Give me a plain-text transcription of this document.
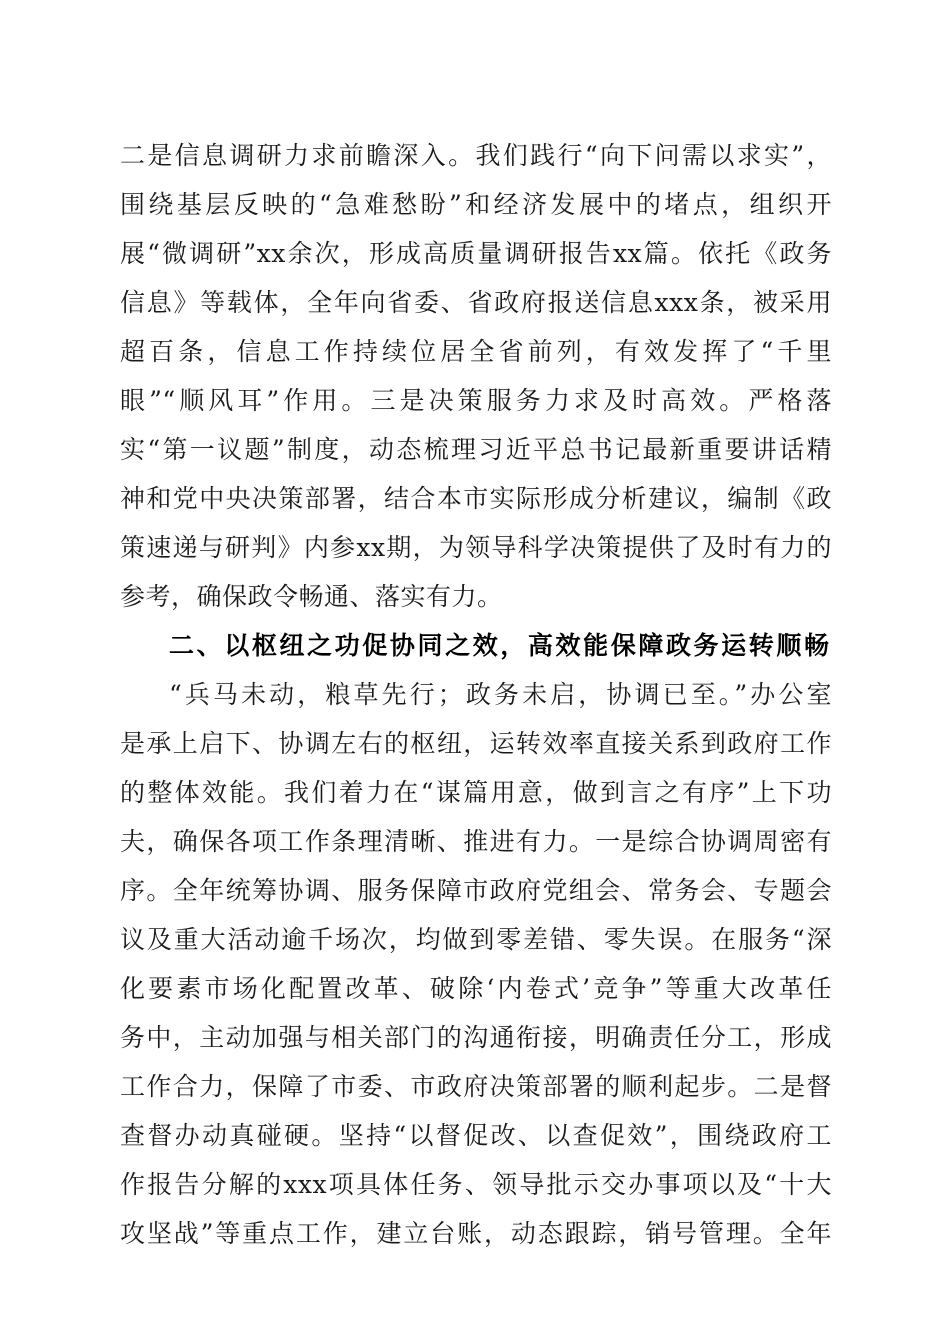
二是信息调研力求前瞻深入。我们践行“向下问需以求实”，
围绕基层反映的“急难愁盼”和经济发展中的堵点，组织开
展“微调研”xx余次，形成高质量调研报告xx篇。依托《政务
信息》等载体，全年向省委、省政府报送信息xxx条，被采用
超百条，信息工作持续位居全省前列，有效发挥了“千里
眼”“顺风耳”作用。三是决策服务力求及时高效。严格落
实“第一议题”制度，动态梳理习近平总书记最新重要讲话精
神和党中央决策部署，结合本市实际形成分析建议，编制《政
策速递与研判》内参xx期，为领导科学决策提供了及时有力的
参考，确保政令畅通、落实有力。
二、以枢纽之功促协同之效，高效能保障政务运转顺畅
“兵马未动，粮草先行；政务未启，协调已至。”办公室
是承上启下、协调左右的枢纽，运转效率直接关系到政府工作
的整体效能。我们着力在“谋篇用意，做到言之有序”上下功
夫，确保各项工作条理清晰、推进有力。一是综合协调周密有
序。全年统筹协调、服务保障市政府党组会、常务会、专题会
议及重大活动逾千场次，均做到零差错、零失误。在服务“深
化要素市场化配置改革、破除‘内卷式’竞争”等重大改革任
务中，主动加强与相关部门的沟通衔接，明确责任分工，形成
工作合力，保障了市委、市政府决策部署的顺利起步。二是督
查督办动真碰硬。坚持“以督促改、以查促效”，围绕政府工
作报告分解的xxx项具体任务、领导批示交办事项以及“十大
攻坚战”等重点工作，建立台账，动态跟踪，销号管理。全年
